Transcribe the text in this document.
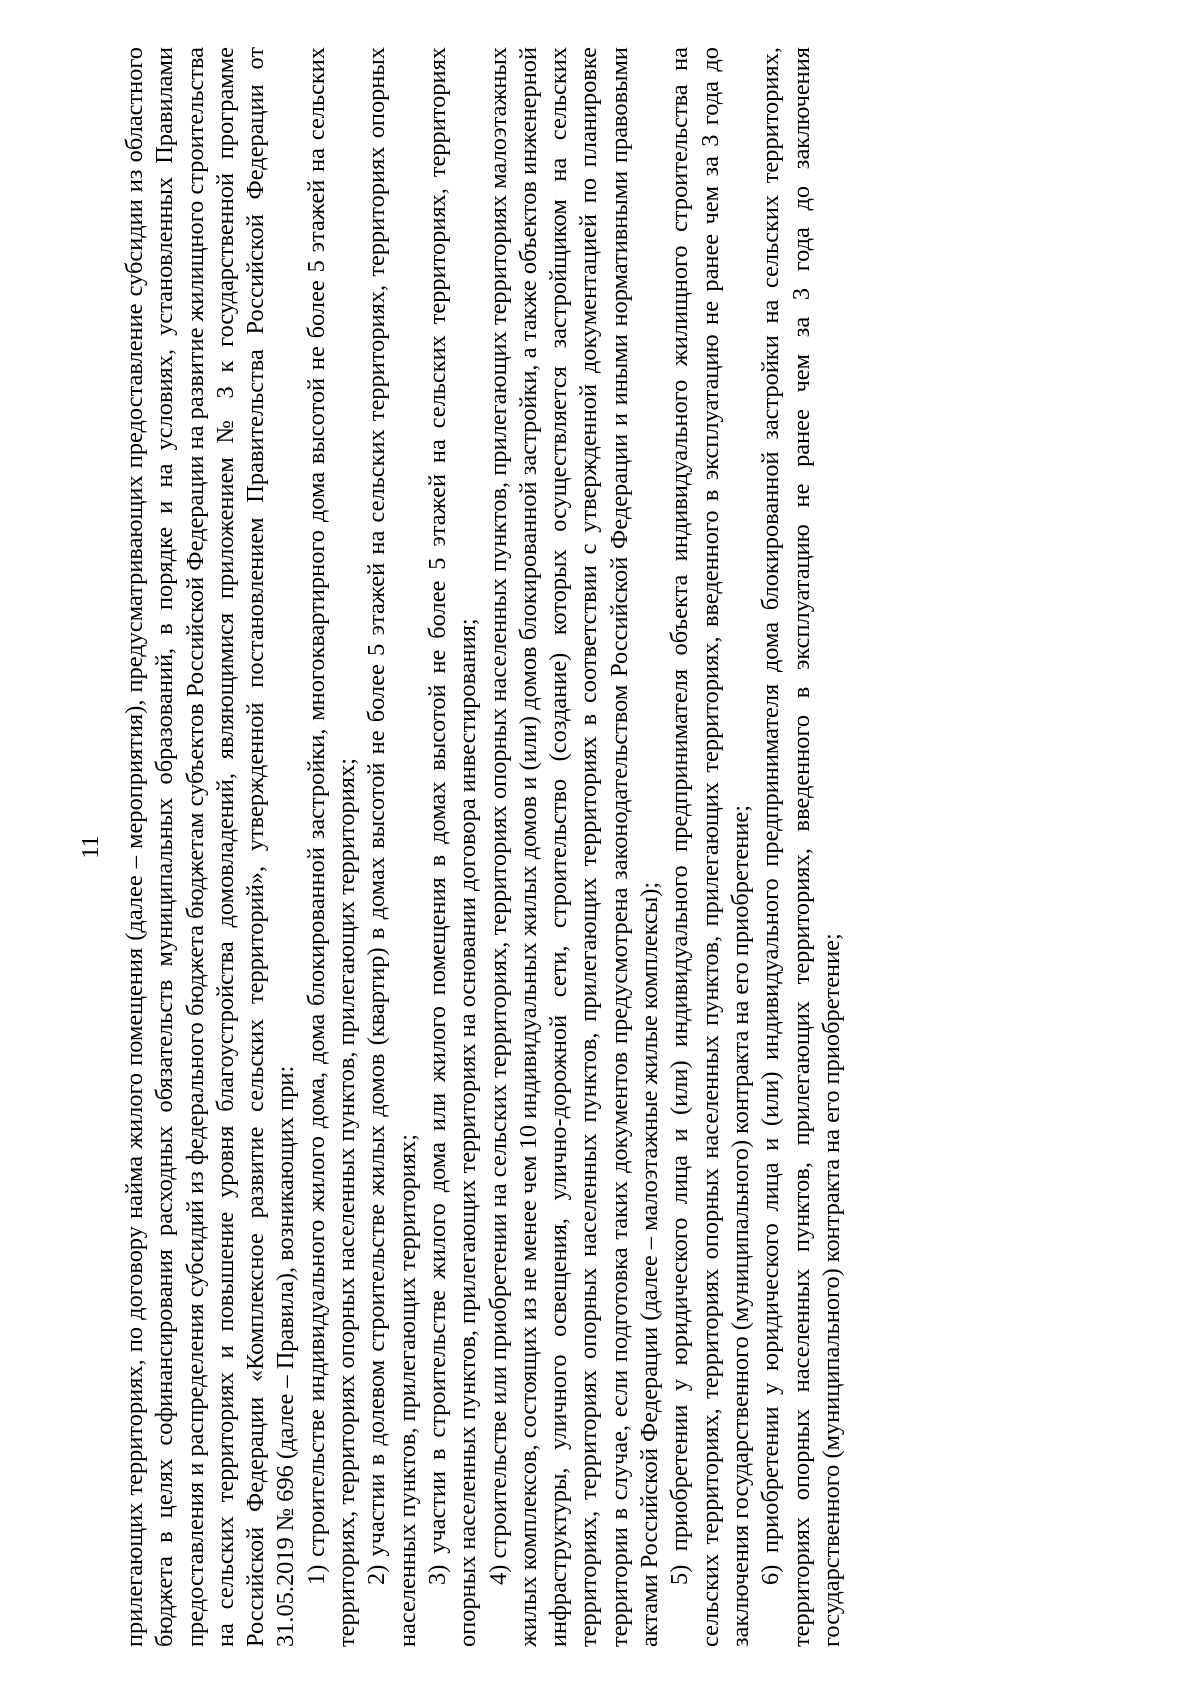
11 прилегающих территориях, по договору найма жилого помещения (далее – мероприятия), предусматривающих предоставление субсидии из областного бюджета в целях софинансирования расходных обязательств муниципальных образований, в порядке и на условиях, установленных Правилами предоставления и распределения субсидий из федерального бюджета бюджетам субъектов Российской Федерации на развитие жилищного строительства на сельских территориях и повышение уровня благоустройства домовладений, являющимися приложением № 3 к государственной программе Российской Федерации «Комплексное развитие сельских территорий», утвержденной постановлением Правительства Российской Федерации от 31.05.2019 № 696 (далее – Правила), возникающих при: 1) строительстве индивидуального жилого дома, дома блокированной застройки, многоквартирного дома высотой не более 5 этажей на сельских территориях, территориях опорных населенных пунктов, прилегающих территориях; 2) участии в долевом строительстве жилых домов (квартир) в домах высотой не более 5 этажей на сельских территориях, территориях опорных населенных пунктов, прилегающих территориях; 3) участии в строительстве жилого дома или жилого помещения в домах высотой не более 5 этажей на сельских территориях, территориях опорных населенных пунктов, прилегающих территориях на основании договора инвестирования; 4) строительстве или приобретении на сельских территориях, территориях опорных населенных пунктов, прилегающих территориях малоэтажных жилых комплексов, состоящих из не менее чем 10 индивидуальных жилых домов и (или) домов блокированной застройки, а также объектов инженерной инфраструктуры, уличного освещения, улично-дорожной сети, строительство (создание) которых осуществляется застройщиком на сельских территориях, территориях опорных населенных пунктов, прилегающих территориях в соответствии с утвержденной документацией по планировке территории в случае, если подготовка таких документов предусмотрена законодательством Российской Федерации и иными нормативными правовыми актами Российской Федерации (далее – малоэтажные жилые комплексы); 5) приобретении у юридического лица и (или) индивидуального предпринимателя объекта индивидуального жилищного строительства на сельских территориях, территориях опорных населенных пунктов, прилегающих территориях, введенного в эксплуатацию не ранее чем за 3 года до заключения государственного (муниципального) контракта на его приобретение; 6) приобретении у юридического лица и (или) индивидуального предпринимателя дома блокированной застройки на сельских территориях, территориях опорных населенных пунктов, прилегающих территориях, введенного в эксплуатацию не ранее чем за 3 года до заключения государственного (муниципального) контракта на его приобретение;
